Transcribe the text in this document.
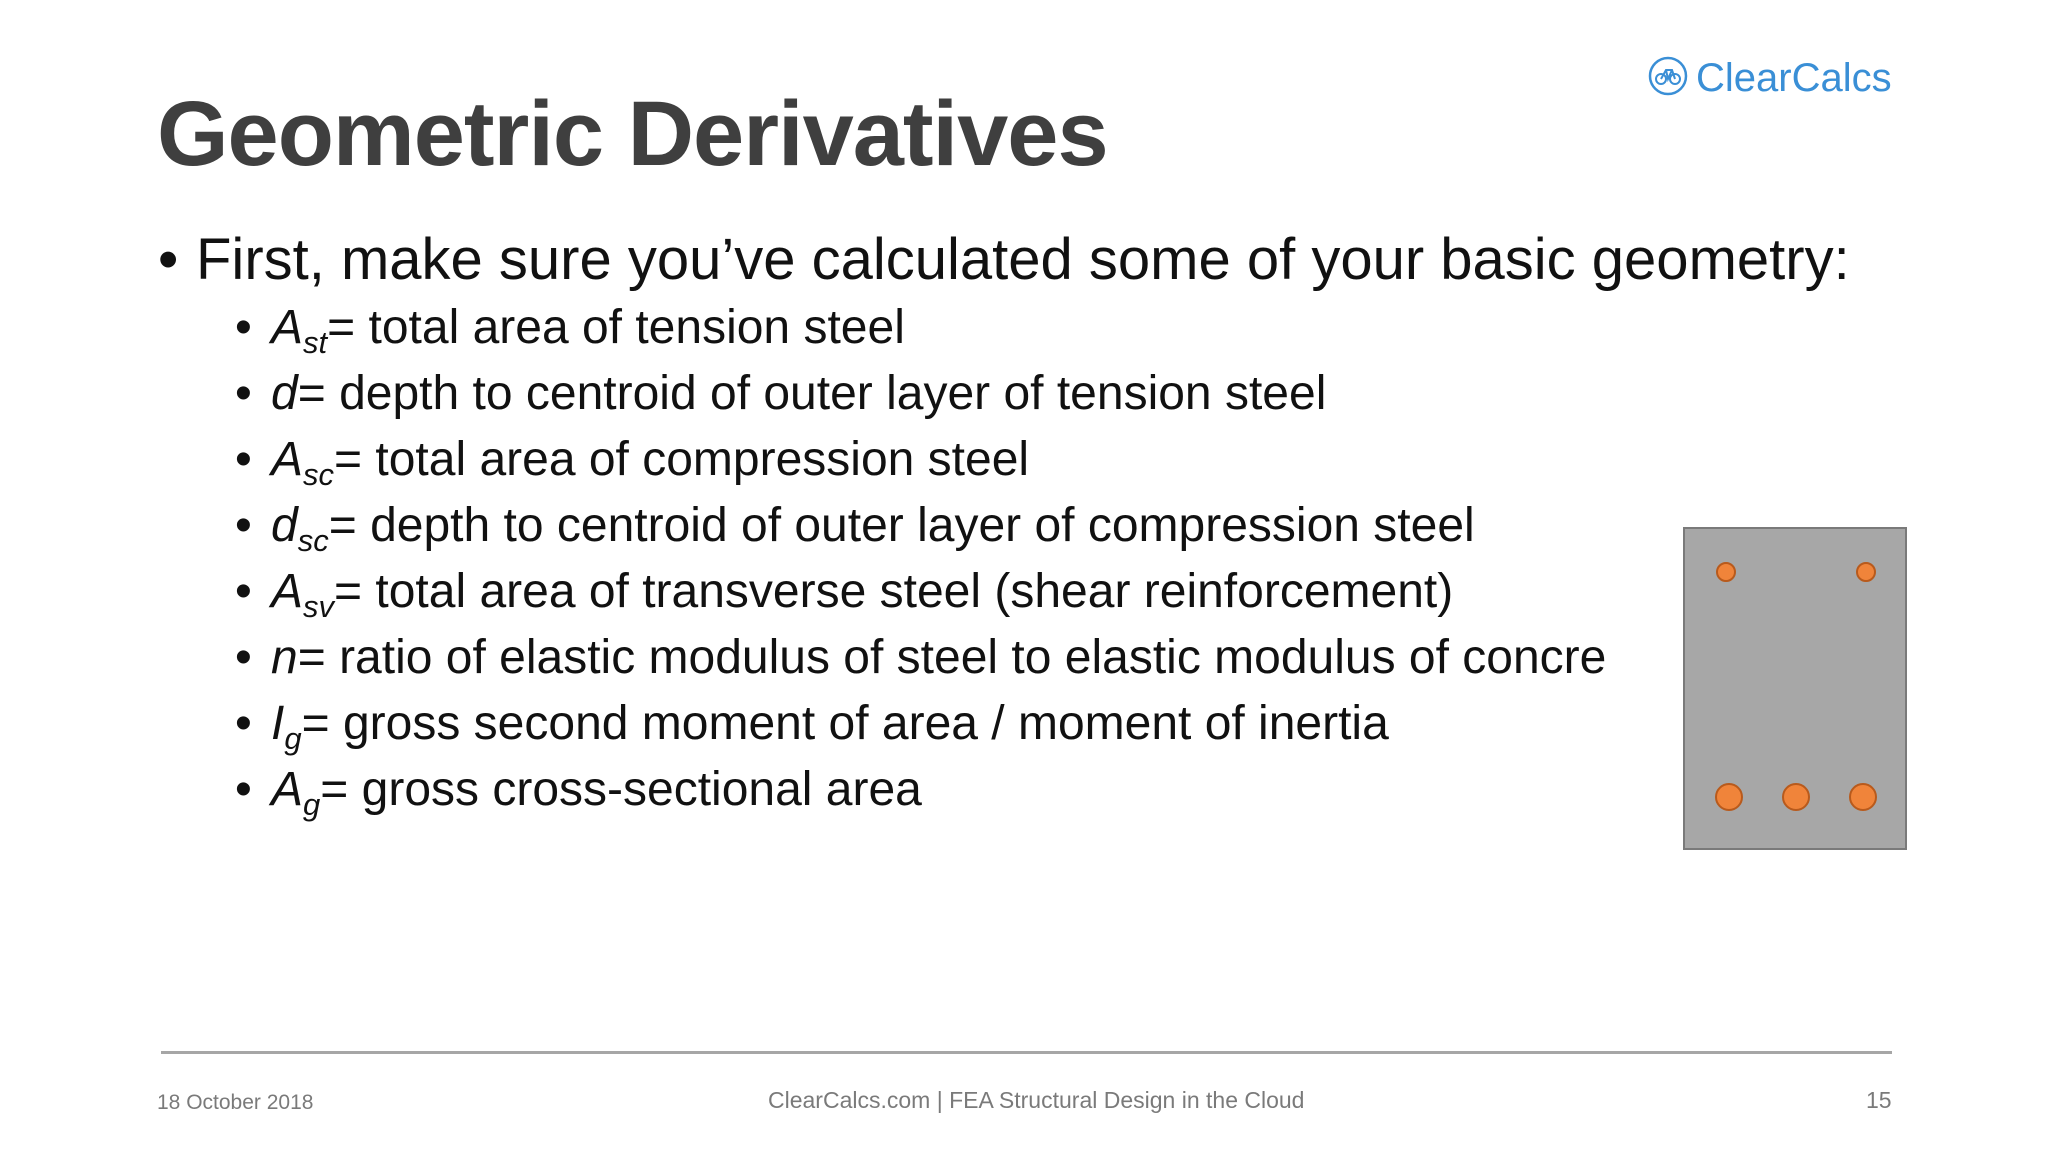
Geometric Derivatives
ClearCalcs
• First, make sure you’ve calculated some of your basic geometry:
• $A_{st}$ = total area of tension steel
• d = depth to centroid of outer layer of tension steel
• $A_{sc}$ = total area of compression steel
• $d_{sc}$ = depth to centroid of outer layer of compression steel
• $A_{sv}$ = total area of transverse steel (shear reinforcement)
• n = ratio of elastic modulus of steel to elastic modulus of concre
• $I_g$ = gross second moment of area / moment of inertia
• $A_g$ = gross cross-sectional area
18 October 2018	ClearCalcs.com | FEA Structural Design in the Cloud	15
